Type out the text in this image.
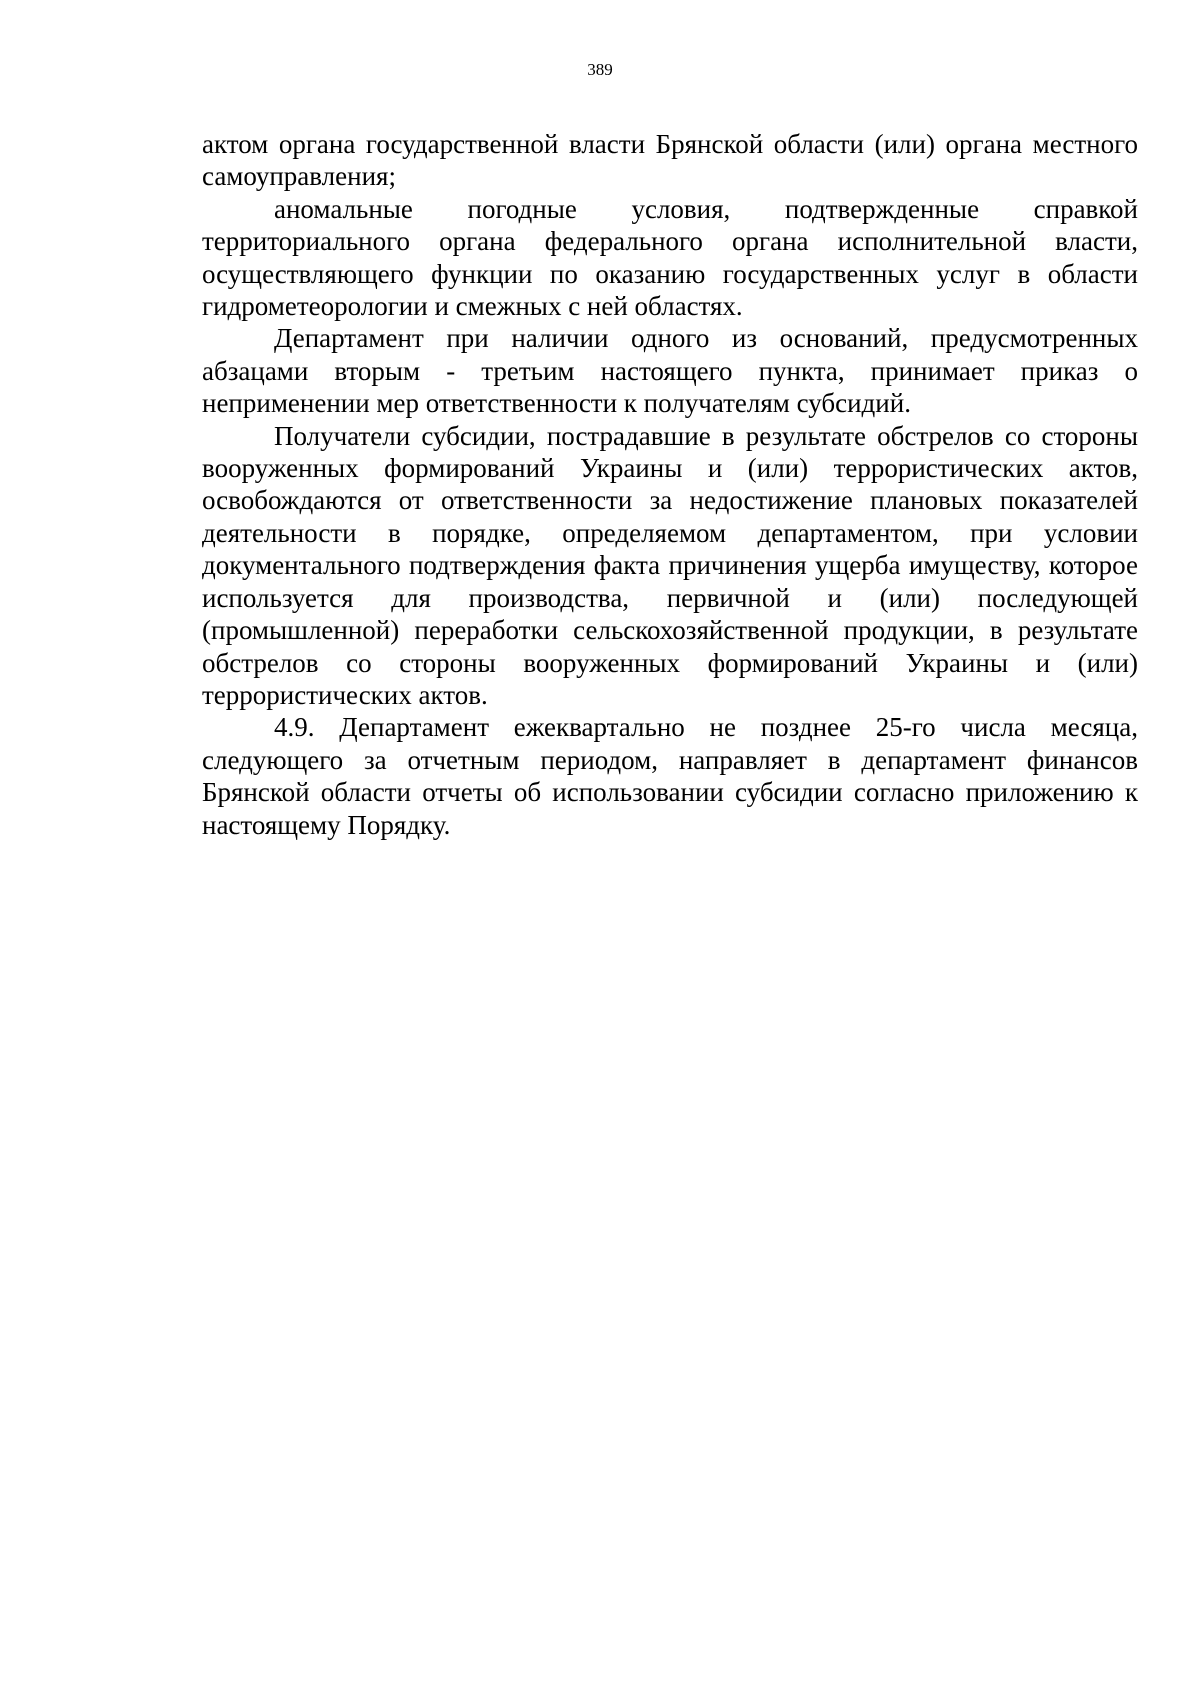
389

актом органа государственной власти Брянской области (или) органа местного самоуправления;

аномальные погодные условия, подтвержденные справкой территориального органа федерального органа исполнительной власти, осуществляющего функции по оказанию государственных услуг в области гидрометеорологии и смежных с ней областях.

Департамент при наличии одного из оснований, предусмотренных абзацами вторым - третьим настоящего пункта, принимает приказ о неприменении мер ответственности к получателям субсидий.

Получатели субсидии, пострадавшие в результате обстрелов со стороны вооруженных формирований Украины и (или) террористических актов, освобождаются от ответственности за недостижение плановых показателей деятельности в порядке, определяемом департаментом, при условии документального подтверждения факта причинения ущерба имуществу, которое используется для производства, первичной и (или) последующей (промышленной) переработки сельскохозяйственной продукции, в результате обстрелов со стороны вооруженных формирований Украины и (или) террористических актов.

4.9. Департамент ежеквартально не позднее 25-го числа месяца, следующего за отчетным периодом, направляет в департамент финансов Брянской области отчеты об использовании субсидии согласно приложению к настоящему Порядку.
